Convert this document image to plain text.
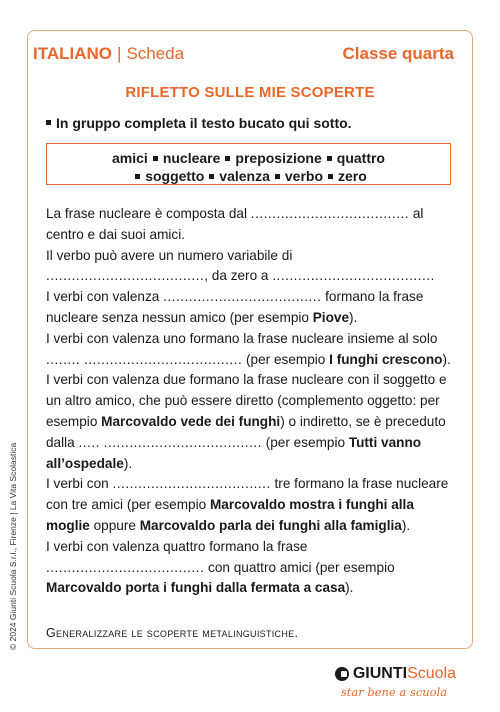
ITALIANO | Scheda	Classe quarta
RIFLETTO SULLE MIE SCOPERTE
In gruppo completa il testo bucato qui sotto.
amici nucleare preposizione quattro
soggetto valenza verbo zero

La frase nucleare è composta dal ..................................... al centro e dai suoi amici.

Il verbo può avere un numero variabile di ....................................., da zero a ......................................

I verbi con valenza ..................................... formano la frase nucleare senza nessun amico (per esempio Piove).

I verbi con valenza uno formano la frase nucleare insieme al solo ........ ..................................... (per esempio I funghi crescono).

I verbi con valenza due formano la frase nucleare con il soggetto e un altro amico, che può essere diretto (complemento oggetto: per esempio Marcovaldo vede dei funghi) o indiretto, se è preceduto dalla ..... ..................................... (per esempio Tutti vanno all’ospedale).

I verbi con ..................................... tre formano la frase nucleare con tre amici (per esempio Marcovaldo mostra i funghi alla moglie oppure Marcovaldo parla dei funghi alla famiglia).

I verbi con valenza quattro formano la frase ..................................... con quattro amici (per esempio Marcovaldo porta i funghi dalla fermata a casa).

Generalizzare le scoperte metalinguistiche.
© 2024 Giunti Scuola S.r.l., Firenze | La Vita Scolastica
GIUNTI Scuola
star bene a scuola
